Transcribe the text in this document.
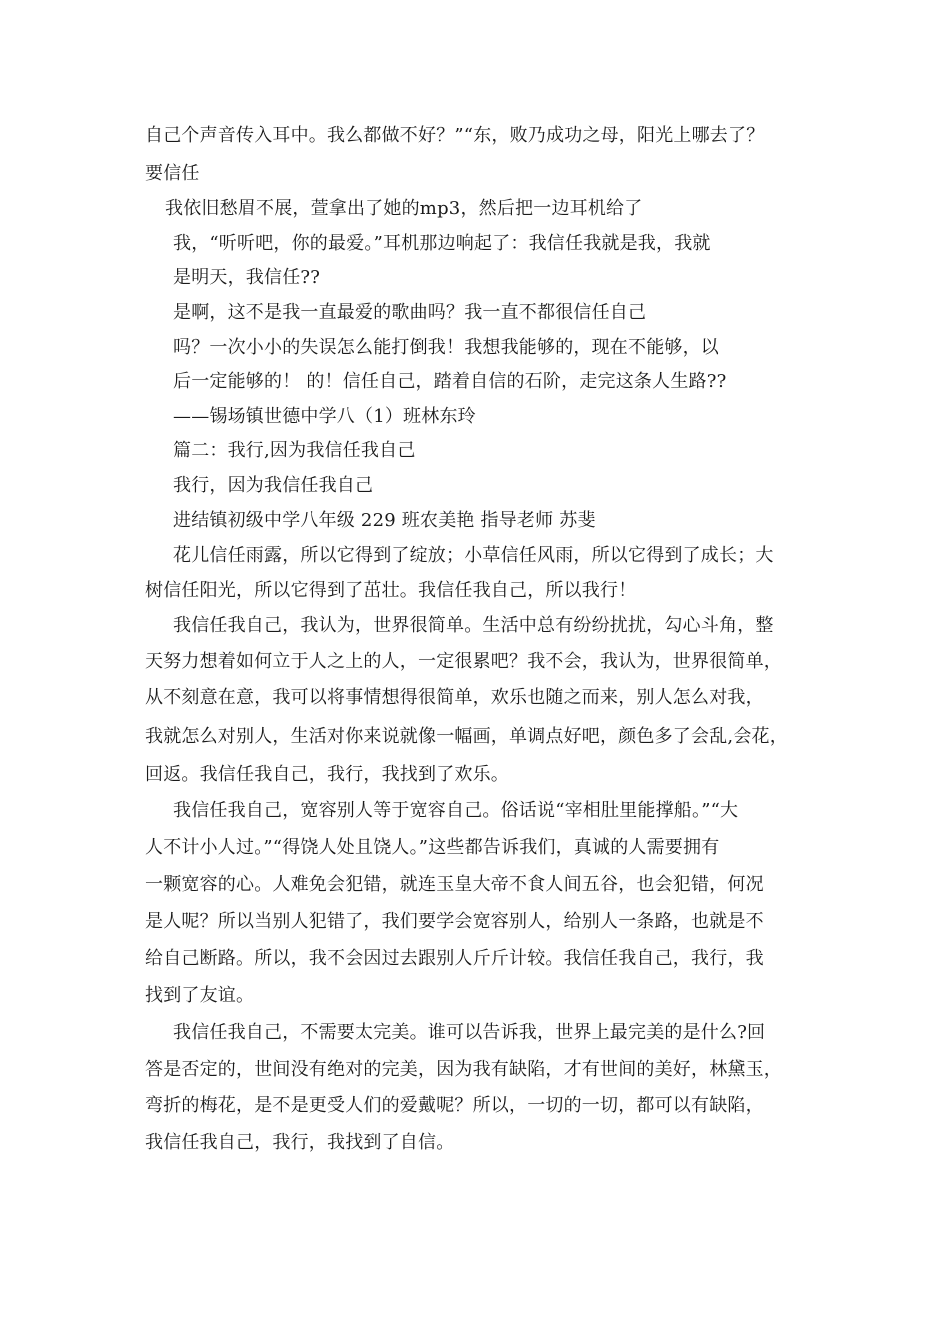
自己个声音传入耳中。我么都做不好？”“东，败乃成功之母，阳光上哪去了？
要信任
我依旧愁眉不展，萱拿出了她的mp3，然后把一边耳机给了
我，“听听吧，你的最爱。”耳机那边响起了：我信任我就是我，我就
是明天，我信任??
是啊，这不是我一直最爱的歌曲吗？我一直不都很信任自己
吗？一次小小的失误怎么能打倒我！我想我能够的，现在不能够，以
后一定能够的！ 的！信任自己，踏着自信的石阶，走完这条人生路??
——锡场镇世德中学八（1）班林东玲
篇二：我行,因为我信任我自己
我行，因为我信任我自己
进结镇初级中学八年级 229 班农美艳 指导老师 苏斐
花儿信任雨露，所以它得到了绽放；小草信任风雨，所以它得到了成长；大
树信任阳光，所以它得到了茁壮。我信任我自己，所以我行！
我信任我自己，我认为，世界很简单。生活中总有纷纷扰扰，勾心斗角，整
天努力想着如何立于人之上的人，一定很累吧？我不会，我认为，世界很简单，
从不刻意在意，我可以将事情想得很简单，欢乐也随之而来，别人怎么对我，
我就怎么对别人，生活对你来说就像一幅画，单调点好吧，颜色多了会乱,会花，
回返。我信任我自己，我行，我找到了欢乐。
我信任我自己，宽容别人等于宽容自己。俗话说“宰相肚里能撑船。”“大
人不计小人过。”“得饶人处且饶人。”这些都告诉我们，真诚的人需要拥有
一颗宽容的心。人难免会犯错，就连玉皇大帝不食人间五谷，也会犯错，何况
是人呢？所以当别人犯错了，我们要学会宽容别人，给别人一条路，也就是不
给自己断路。所以，我不会因过去跟别人斤斤计较。我信任我自己，我行，我
找到了友谊。
我信任我自己，不需要太完美。谁可以告诉我，世界上最完美的是什么?回
答是否定的，世间没有绝对的完美，因为我有缺陷，才有世间的美好，林黛玉，
弯折的梅花，是不是更受人们的爱戴呢？所以，一切的一切，都可以有缺陷，
我信任我自己，我行，我找到了自信。
